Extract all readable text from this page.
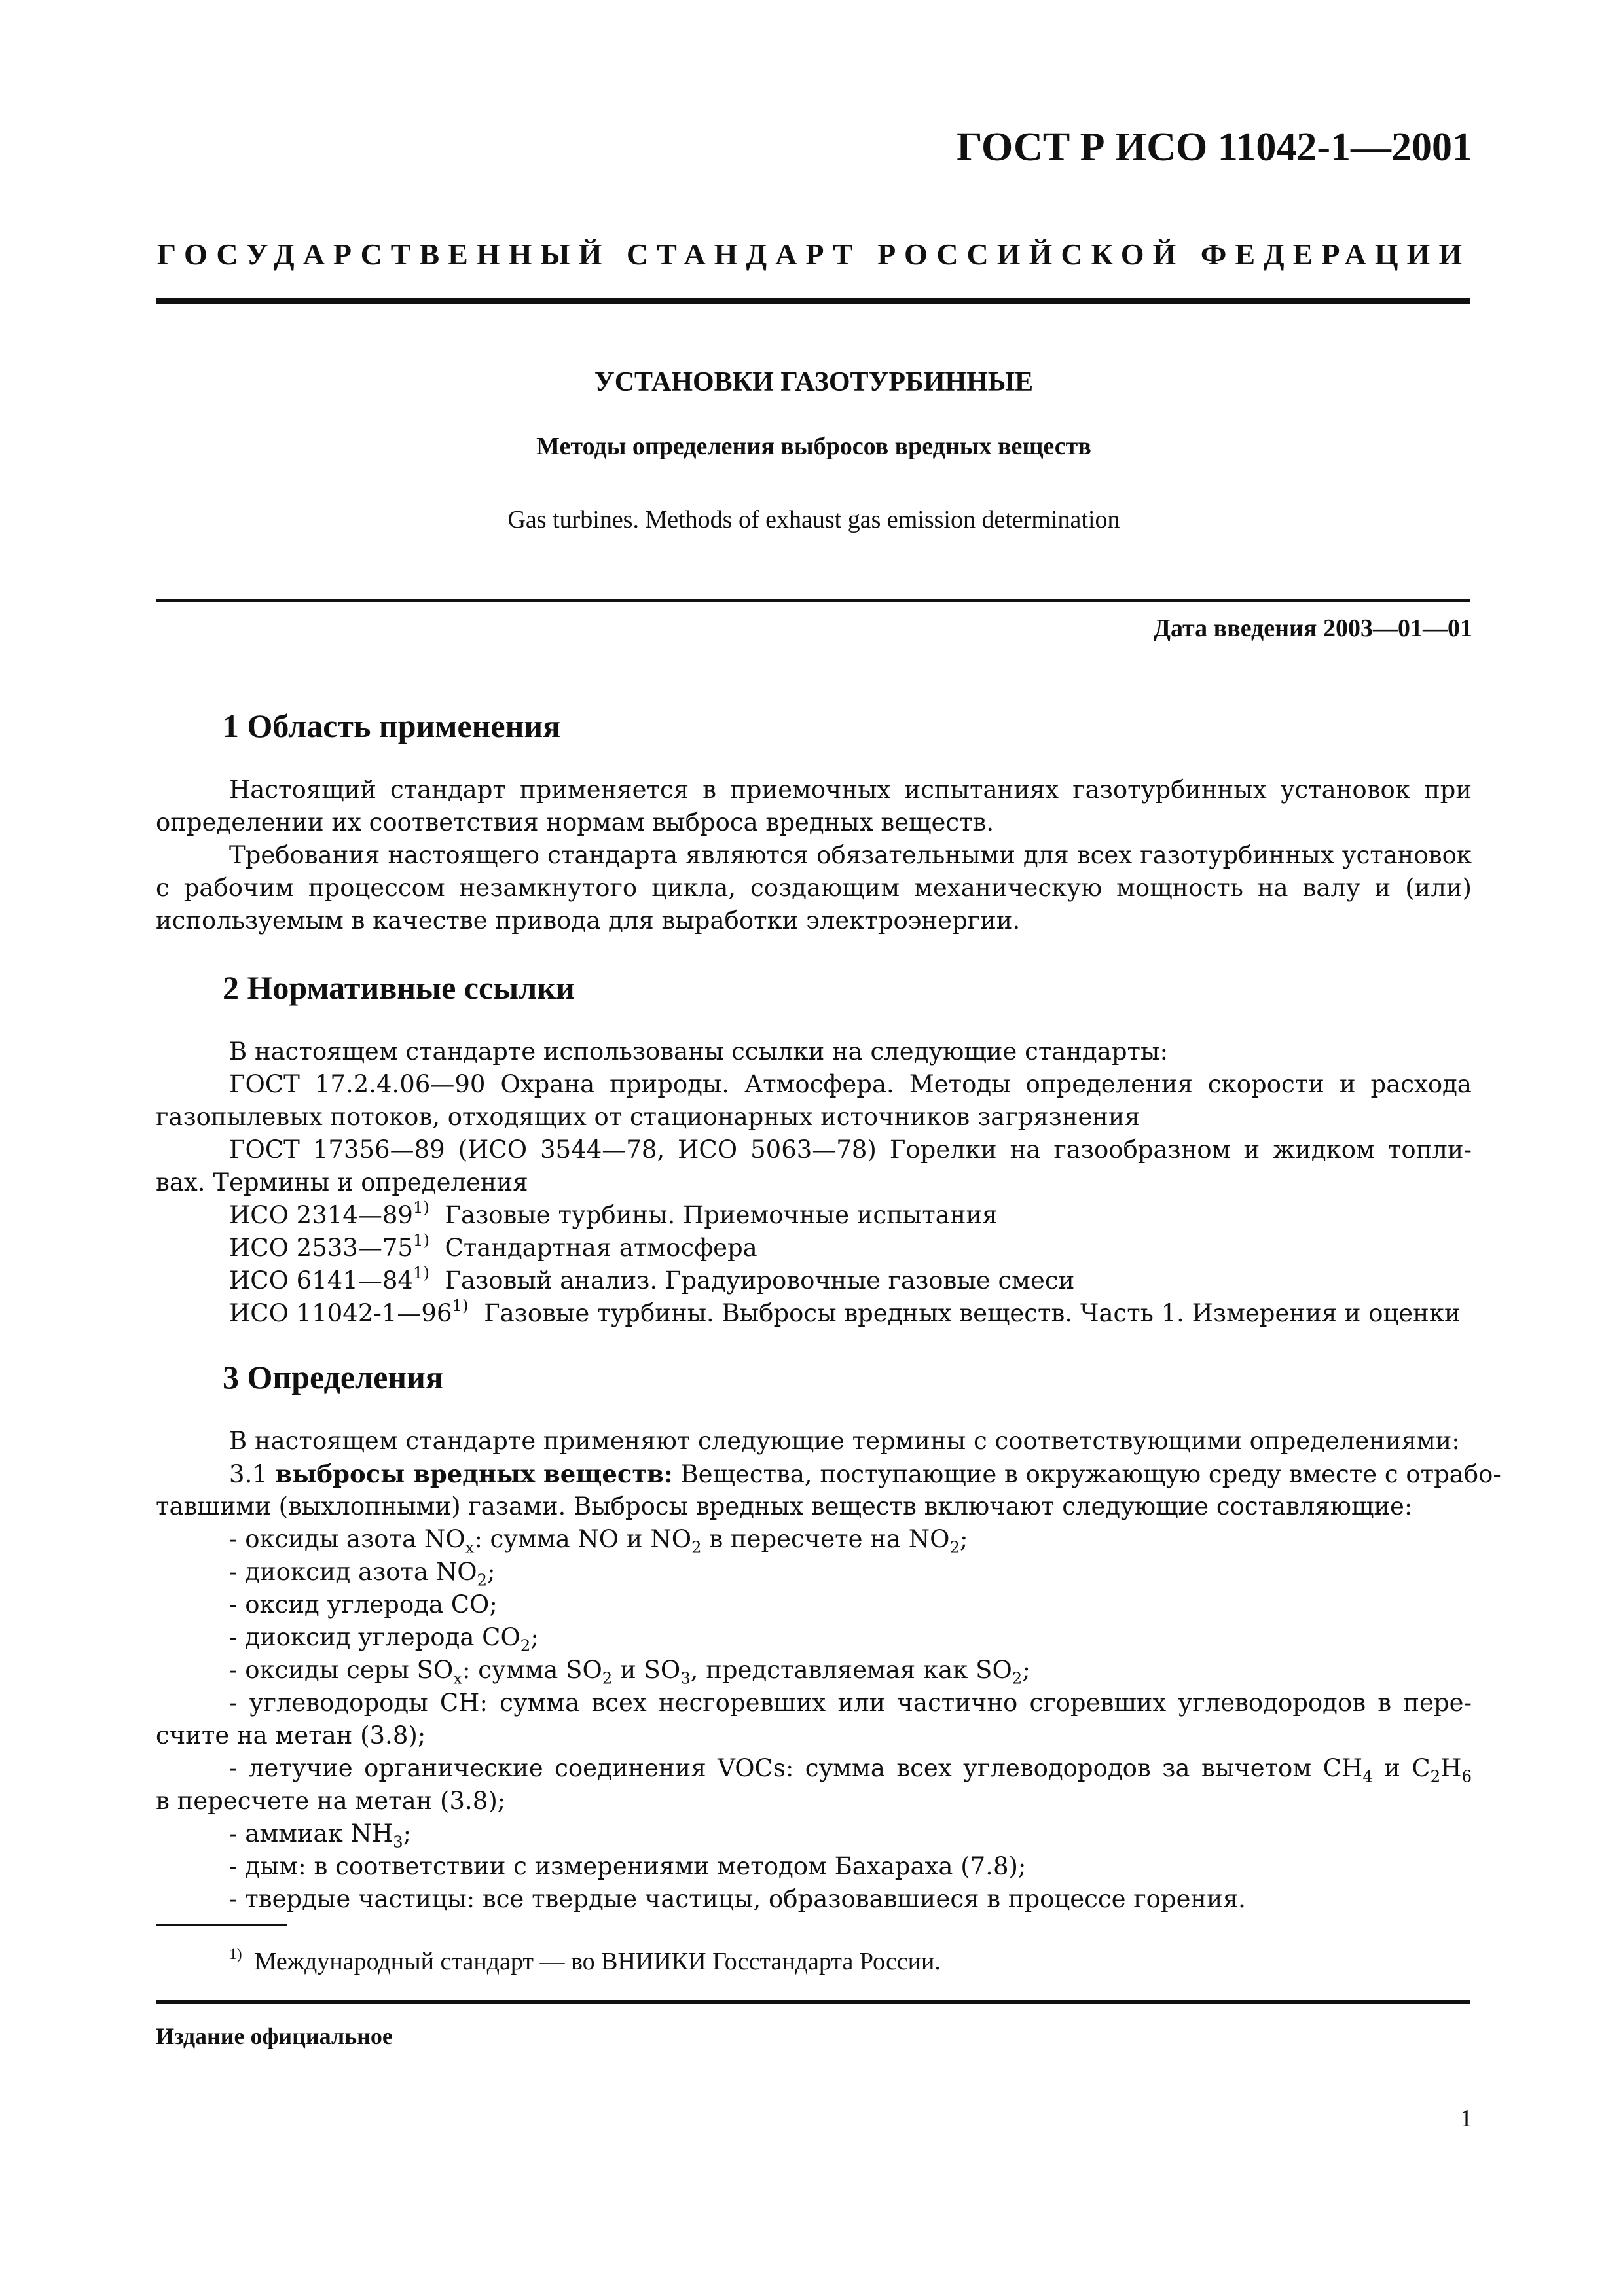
ГОСТ Р ИСО 11042-1—2001
ГОСУДАРСТВЕННЫЙ СТАНДАРТ РОССИЙСКОЙ ФЕДЕРАЦИИ
УСТАНОВКИ ГАЗОТУРБИННЫЕ
Методы определения выбросов вредных веществ
Gas turbines. Methods of exhaust gas emission determination
Дата введения 2003—01—01
1 Область применения
Настоящий стандарт применяется в приемочных испытаниях газотурбинных установок при
определении их соответствия нормам выброса вредных веществ.
Требования настоящего стандарта являются обязательными для всех газотурбинных установок
с рабочим процессом незамкнутого цикла, создающим механическую мощность на валу и (или)
используемым в качестве привода для выработки электроэнергии.
2 Нормативные ссылки
В настоящем стандарте использованы ссылки на следующие стандарты:
ГОСТ 17.2.4.06—90 Охрана природы. Атмосфера. Методы определения скорости и расхода
газопылевых потоков, отходящих от стационарных источников загрязнения
ГОСТ 17356—89 (ИСО 3544—78, ИСО 5063—78) Горелки на газообразном и жидком топли-
вах. Термины и определения
ИСО 2314—89$^{1)}$ Газовые турбины. Приемочные испытания
ИСО 2533—75$^{1)}$ Стандартная атмосфера
ИСО 6141—84$^{1)}$ Газовый анализ. Градуировочные газовые смеси
ИСО 11042-1—96$^{1)}$ Газовые турбины. Выбросы вредных веществ. Часть 1. Измерения и оценки
3 Определения
В настоящем стандарте применяют следующие термины с соответствующими определениями:
3.1 выбросы вредных веществ: Вещества, поступающие в окружающую среду вместе с отрабо-
тавшими (выхлопными) газами. Выбросы вредных веществ включают следующие составляющие:
- оксиды азота $NO_x$: сумма NO и $NO_2$ в пересчете на $NO_2$;
- диоксид азота $NO_2$;
- оксид углерода CO;
- диоксид углерода $CO_2$;
- оксиды серы $SO_x$: сумма $SO_2$ и $SO_3$, представляемая как $SO_2$;
- углеводороды CH: сумма всех несгоревших или частично сгоревших углеводородов в пере-
счите на метан (3.8);
- летучие органические соединения VOCs: сумма всех углеводородов за вычетом $CH_4$ и $C_2H_6$
в пересчете на метан (3.8);
- аммиак $NH_3$;
- дым: в соответствии с измерениями методом Бахараха (7.8);
- твердые частицы: все твердые частицы, образовавшиеся в процессе горения.
$^{1)}$ Международный стандарт — во ВНИИКИ Госстандарта России.
Издание официальное
1
